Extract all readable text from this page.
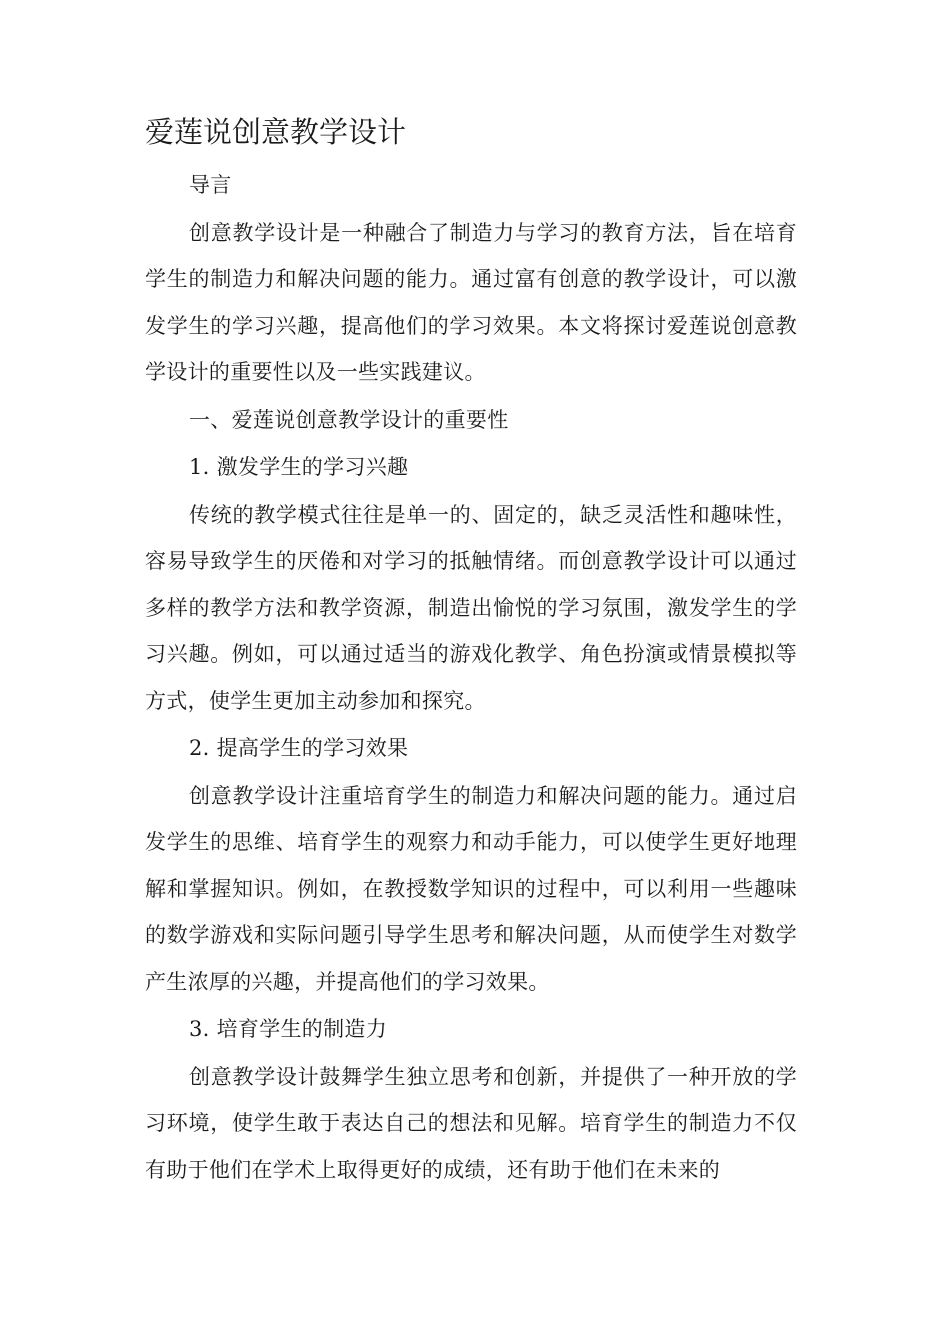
爱莲说创意教学设计

导言

创意教学设计是一种融合了制造力与学习的教育方法，旨在培育学生的制造力和解决问题的能力。通过富有创意的教学设计，可以激发学生的学习兴趣，提高他们的学习效果。本文将探讨爱莲说创意教学设计的重要性以及一些实践建议。

一、爱莲说创意教学设计的重要性

1. 激发学生的学习兴趣

传统的教学模式往往是单一的、固定的，缺乏灵活性和趣味性，容易导致学生的厌倦和对学习的抵触情绪。而创意教学设计可以通过多样的教学方法和教学资源，制造出愉悦的学习氛围，激发学生的学习兴趣。例如，可以通过适当的游戏化教学、角色扮演或情景模拟等方式，使学生更加主动参加和探究。

2. 提高学生的学习效果

创意教学设计注重培育学生的制造力和解决问题的能力。通过启发学生的思维、培育学生的观察力和动手能力，可以使学生更好地理解和掌握知识。例如，在教授数学知识的过程中，可以利用一些趣味的数学游戏和实际问题引导学生思考和解决问题，从而使学生对数学产生浓厚的兴趣，并提高他们的学习效果。

3. 培育学生的制造力

创意教学设计鼓舞学生独立思考和创新，并提供了一种开放的学习环境，使学生敢于表达自己的想法和见解。培育学生的制造力不仅有助于他们在学术上取得更好的成绩，还有助于他们在未来的
